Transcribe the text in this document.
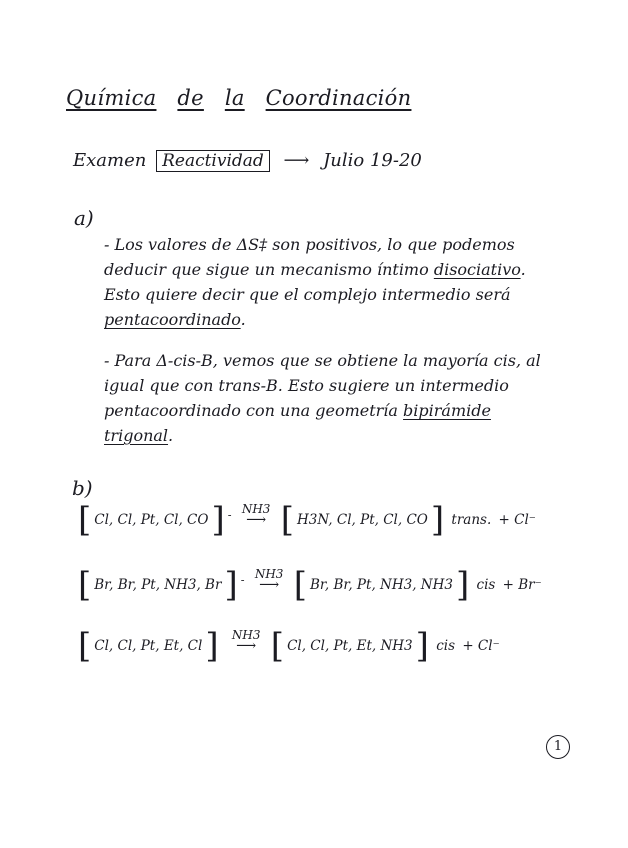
Química de la Coordinación
Examen Reactividad ⟶ Julio 19-20
a)
- Los valores de ΔS‡ son positivos, lo que podemos deducir que sigue un mecanismo íntimo disociativo. Esto quiere decir que el complejo intermedio será pentacoordinado.
- Para Δ-cis-B, vemos que se obtiene la mayoría cis, al igual que con trans-B. Esto sugiere un intermedio pentacoordinado con una geometría bipirámide trigonal.
b)
[ Cl, Cl, Pt, Cl, CO] - NH3
⟶ [ H3N, Cl, Pt, Cl, CO] trans. + Cl⁻
[ Br, Br, Pt, NH3, Br] - NH3
⟶ [ Br, Br, Pt, NH3, NH3] cis + Br⁻
[ Cl, Cl, Pt, Et, Cl] NH3
⟶ [ Cl, Cl, Pt, Et, NH3] cis + Cl⁻
1
